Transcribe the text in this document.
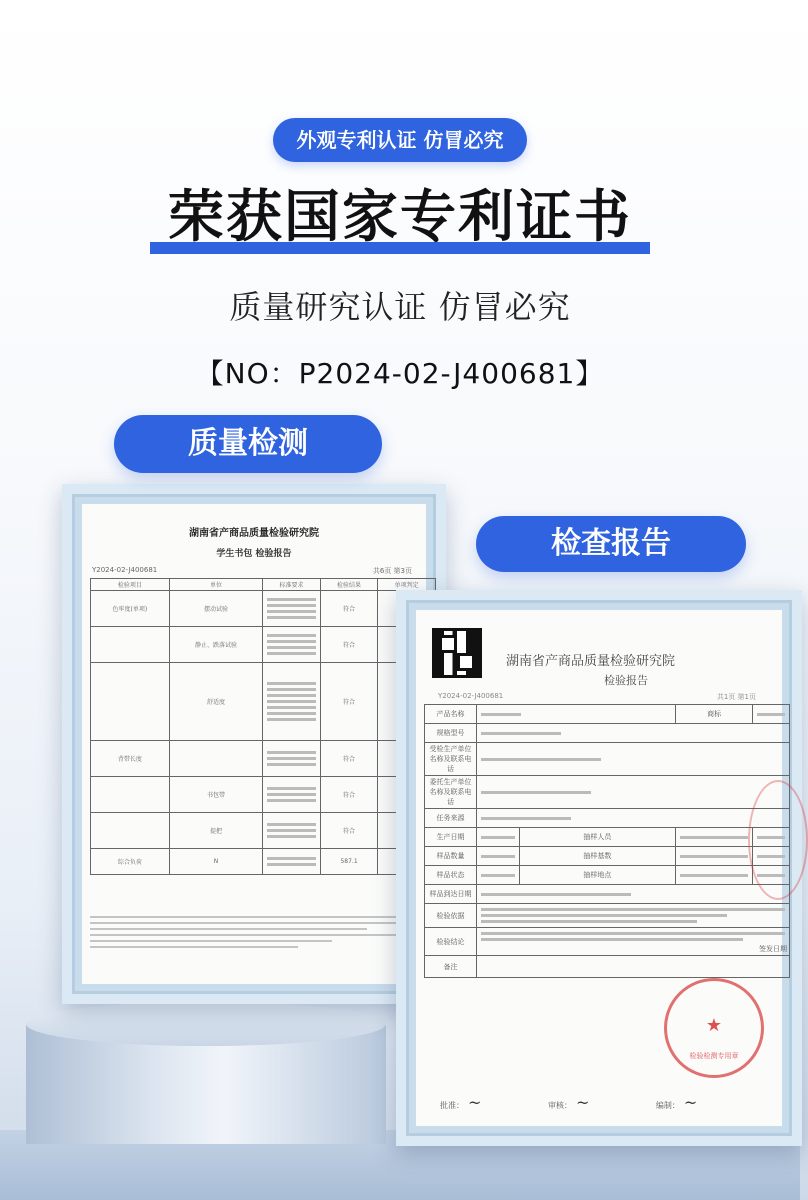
外观专利认证 仿冒必究
荣获国家专利证书
质量研究认证 仿冒必究
【NO：P2024-02-J400681】
湖南省产商品质量检验研究院
学生书包 检验报告
Y2024-02-J400681	共6页 第3页
检验项目	单位	标准要求	检验结果	单项判定
色牢度(单项)	摆动试验		符合	
	静止、跌落试验		符合	
	舒适度		符合	
背带长度			符合	
	书包带		符合	
	提把		符合	
综合负荷	N		587.1	
湖南省产商品质量检验研究院
检验报告
Y2024-02-J400681	共1页 第1页
产品名称			商标	

规格型号				

受检生产单位名称及联系电话				

委托生产单位名称及联系电话				

任务来源				

生产日期		抽样人员	

样品数量		抽样基数	

样品状态		抽样地点	

样品到达日期				

检验依据				

检验结论	签发日期			
备注				
★
检验检测专用章
批准： ~	审核： ~	编制： ~
质量检测
检查报告
